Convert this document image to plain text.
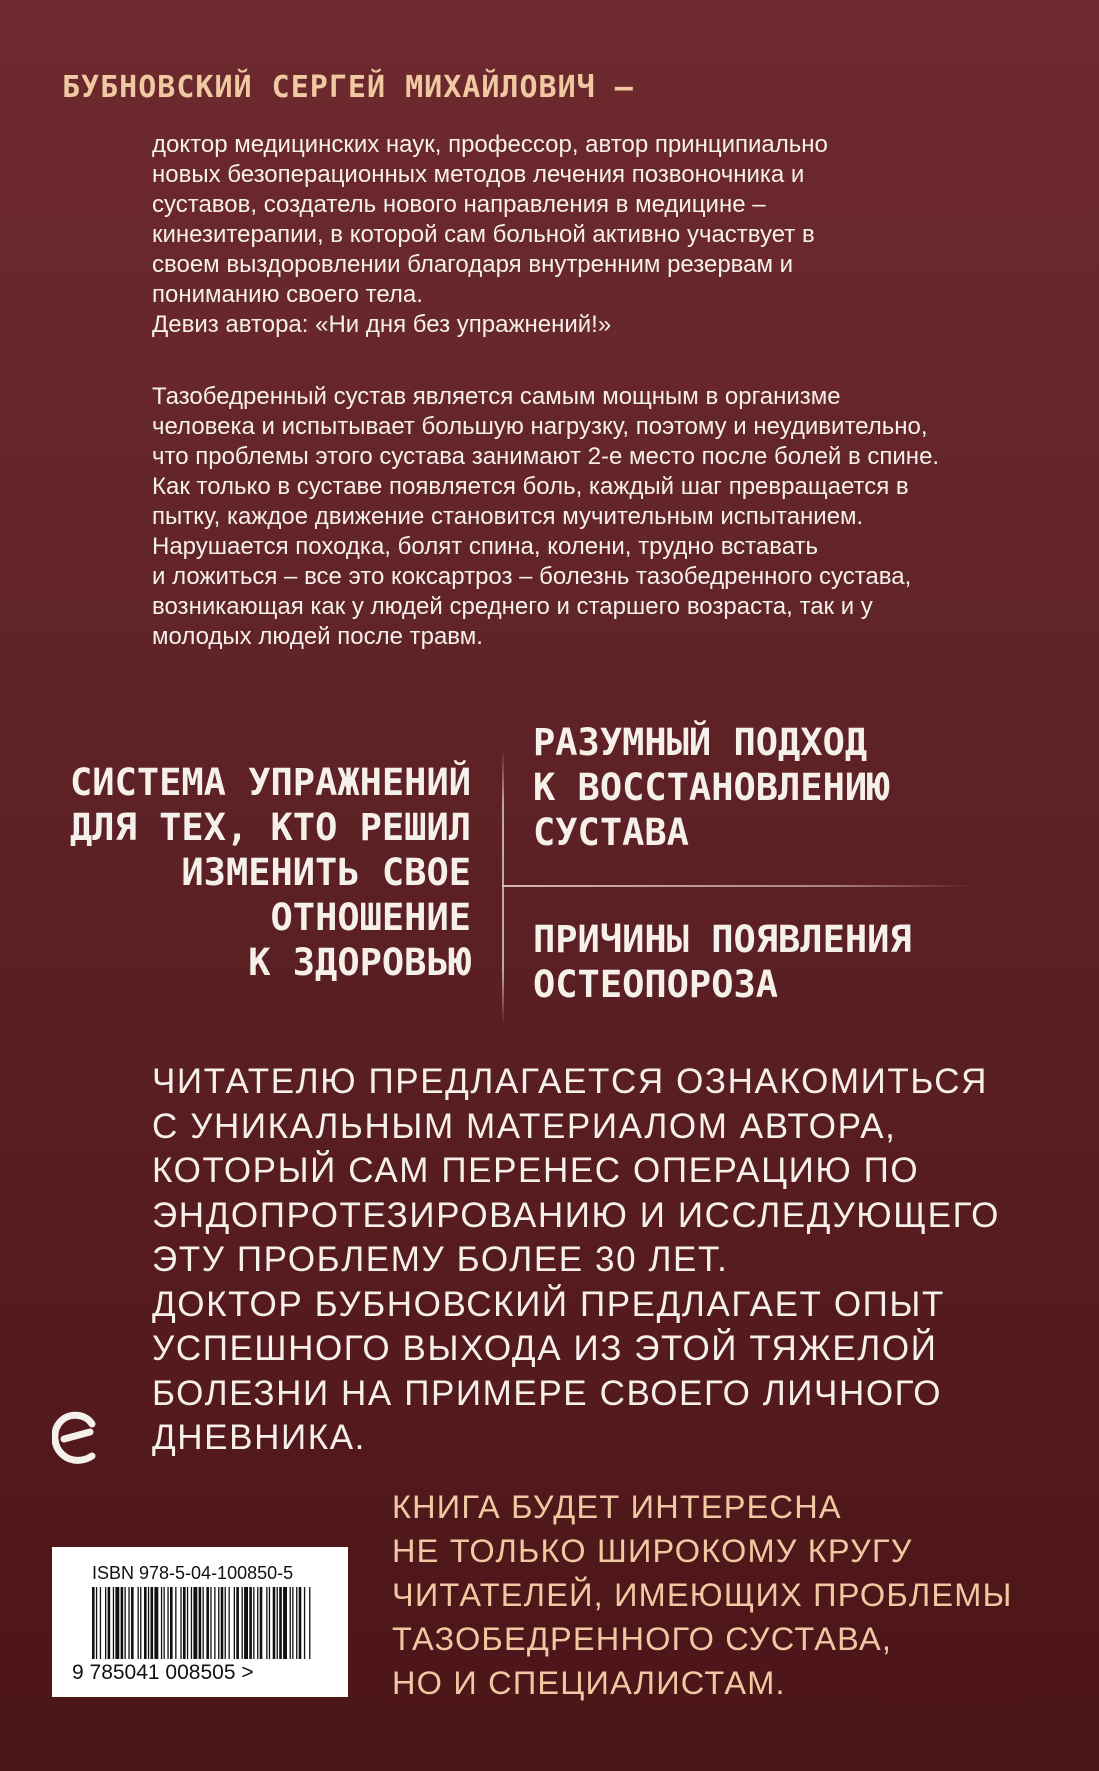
БУБНОВСКИЙ СЕРГЕЙ МИХАЙЛОВИЧ –

доктор медицинских наук, профессор, автор принципиально

новых безоперационных методов лечения позвоночника и

суставов, создатель нового направления в медицине –

кинезитерапии, в которой сам больной активно участвует в

своем выздоровлении благодаря внутренним резервам и

пониманию своего тела.

Девиз автора: «Ни дня без упражнений!»

Тазобедренный сустав является самым мощным в организме
человека и испытывает большую нагрузку, поэтому и неудивительно,
что проблемы этого сустава занимают 2-е место после болей в спине.
Как только в суставе появляется боль, каждый шаг превращается в
пытку, каждое движение становится мучительным испытанием.
Нарушается походка, болят спина, колени, трудно вставать
и ложиться – все это коксартроз – болезнь тазобедренного сустава,
возникающая как у людей среднего и старшего возраста, так и у
молодых людей после травм.
СИСТЕМА УПРАЖНЕНИЙ
ДЛЯ ТЕХ, КТО РЕШИЛ
ИЗМЕНИТЬ СВОЕ
ОТНОШЕНИЕ
К ЗДОРОВЬЮ
РАЗУМНЫЙ ПОДХОД
К ВОССТАНОВЛЕНИЮ
СУСТАВА
ПРИЧИНЫ ПОЯВЛЕНИЯ
ОСТЕОПОРОЗА
ЧИТАТЕЛЮ ПРЕДЛАГАЕТСЯ ОЗНАКОМИТЬСЯ
С УНИКАЛЬНЫМ МАТЕРИАЛОМ АВТОРА,
КОТОРЫЙ САМ ПЕРЕНЕС ОПЕРАЦИЮ ПО
ЭНДОПРОТЕЗИРОВАНИЮ И ИССЛЕДУЮЩЕГО
ЭТУ ПРОБЛЕМУ БОЛЕЕ 30 ЛЕТ.
ДОКТОР БУБНОВСКИЙ ПРЕДЛАГАЕТ ОПЫТ
УСПЕШНОГО ВЫХОДА ИЗ ЭТОЙ ТЯЖЕЛОЙ
БОЛЕЗНИ НА ПРИМЕРЕ СВОЕГО ЛИЧНОГО
ДНЕВНИКА.
КНИГА БУДЕТ ИНТЕРЕСНА
НЕ ТОЛЬКО ШИРОКОМУ КРУГУ
ЧИТАТЕЛЕЙ, ИМЕЮЩИХ ПРОБЛЕМЫ
ТАЗОБЕДРЕННОГО СУСТАВА,
НО И СПЕЦИАЛИСТАМ.
ISBN 978-5-04-100850-5
9 785041 008505 >
